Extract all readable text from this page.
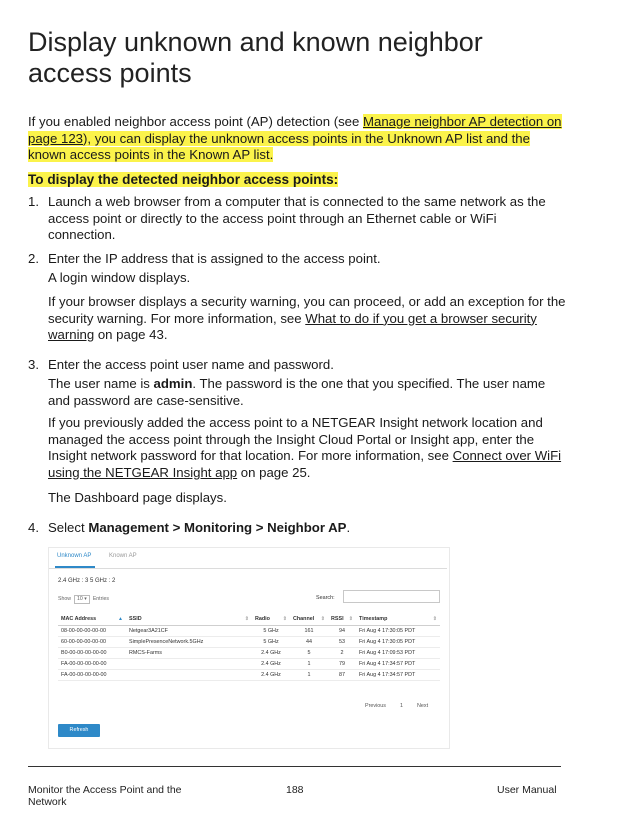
Display unknown and known neighbor
access points
If you enabled neighbor access point (AP) detection (see Manage neighbor AP detection on page 123), you can display the unknown access points in the Unknown AP list and the known access points in the Known AP list.
To display the detected neighbor access points:
1. Launch a web browser from a computer that is connected to the same network as the access point or directly to the access point through an Ethernet cable or WiFi connection.
2. Enter the IP address that is assigned to the access point.
A login window displays.
If your browser displays a security warning, you can proceed, or add an exception for the security warning. For more information, see What to do if you get a browser security warning on page 43.
3. Enter the access point user name and password.
The user name is admin. The password is the one that you specified. The user name and password are case-sensitive.
If you previously added the access point to a NETGEAR Insight network location and managed the access point through the Insight Cloud Portal or Insight app, enter the Insight network password for that location. For more information, see Connect over WiFi using the NETGEAR Insight app on page 25.
The Dashboard page displays.
4. Select Management > Monitoring > Neighbor AP.
Unknown AP	Known AP
2.4 GHz : 3 5 GHz : 2
Show 10 ▾ Entries	Search:
MAC Address ▲	SSID ⇕	Radio ⇕	Channel ⇕	RSSI ⇕	Timestamp ⇕

08-00-00-00-00-00	Netgear3A21CF	5 GHz	161	94	Fri Aug 4 17:30:05 PDT
60-00-00-00-00-00	SimplePresenceNetwork.5GHz	5 GHz	44	53	Fri Aug 4 17:30:05 PDT
B0-00-00-00-00-00	RMCS-Farms	2.4 GHz	5	2	Fri Aug 4 17:09:53 PDT
FA-00-00-00-00-00		2.4 GHz	1	79	Fri Aug 4 17:34:57 PDT
FA-00-00-00-00-00		2.4 GHz	1	87	Fri Aug 4 17:34:57 PDT
Previous	1	Next
Refresh
Monitor the Access Point and the Network
188	User Manual
